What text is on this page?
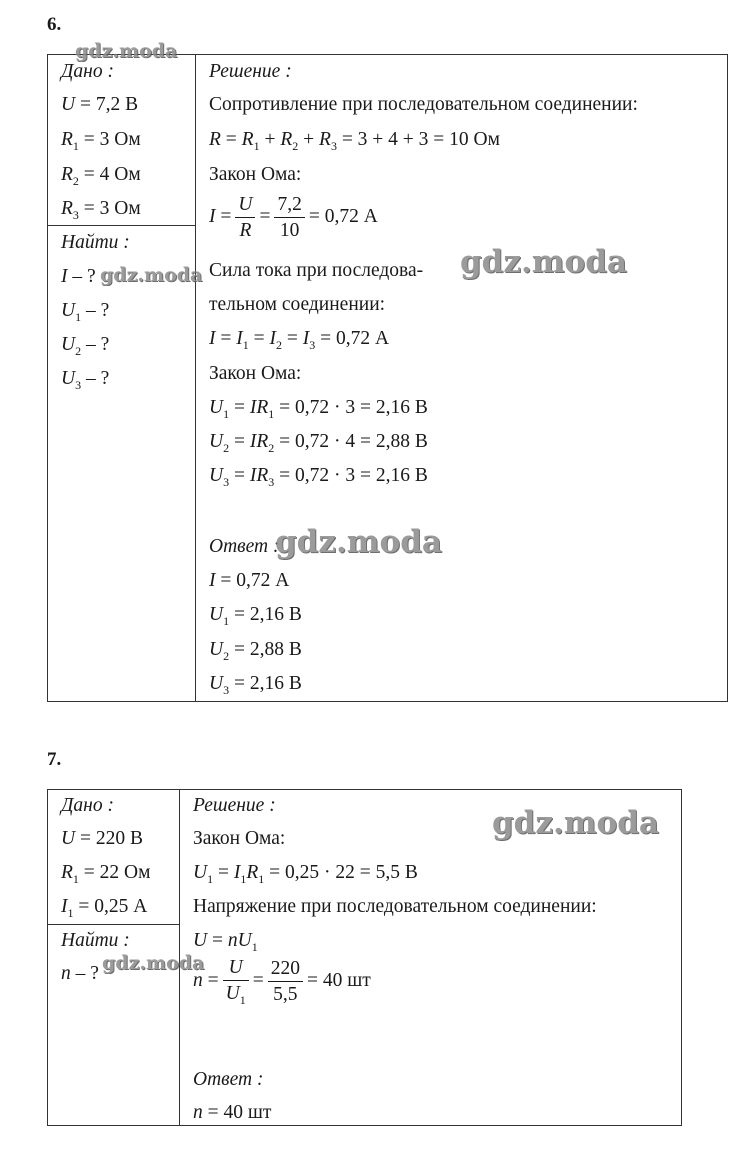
6.
Дано :
U = 7,2 В
$R_1 = 3$ Ом
$R_2 = 4$ Ом
$R_3 = 3$ Ом
Найти :
I – ?
$U_1$ – ?
$U_2$ – ?
$U_3$ – ?
Решение :
Сопротивление при последовательном соединении:
$R = R_1 + R_2 + R_3 = 3 + 4 + 3 = 10$ Ом
Закон Ома:
$I = \frac{U}{R} = \frac{7,2}{10} = 0,72$ А
Сила тока при последова-
тельном соединении:
$I = I_1 = I_2 = I_3 = 0,72$ А
Закон Ома:
$U_1 = IR_1 = 0,72 \cdot 3 = 2,16$ В
$U_2 = IR_2 = 0,72 \cdot 4 = 2,88$ В
$U_3 = IR_3 = 0,72 \cdot 3 = 2,16$ В
Ответ :
I = 0,72 А
$U_1 = 2,16$ В
$U_2 = 2,88$ В
$U_3 = 2,16$ В
7.
Дано :
U = 220 В
$R_1 = 22$ Ом
$I_1 = 0,25$ А
Найти :
n – ?
Решение :
Закон Ома:
$U_1 = I_1R_1 = 0,25 \cdot 22 = 5,5$ В
Напряжение при последовательном соединении:
$U = nU_1$
$n = \frac{U}{U_1} = \frac{220}{5,5} = 40$ шт
Ответ :
n = 40 шт
gdz.moda
gdz.moda
gdz.moda
gdz.moda
gdz.moda
gdz.moda
